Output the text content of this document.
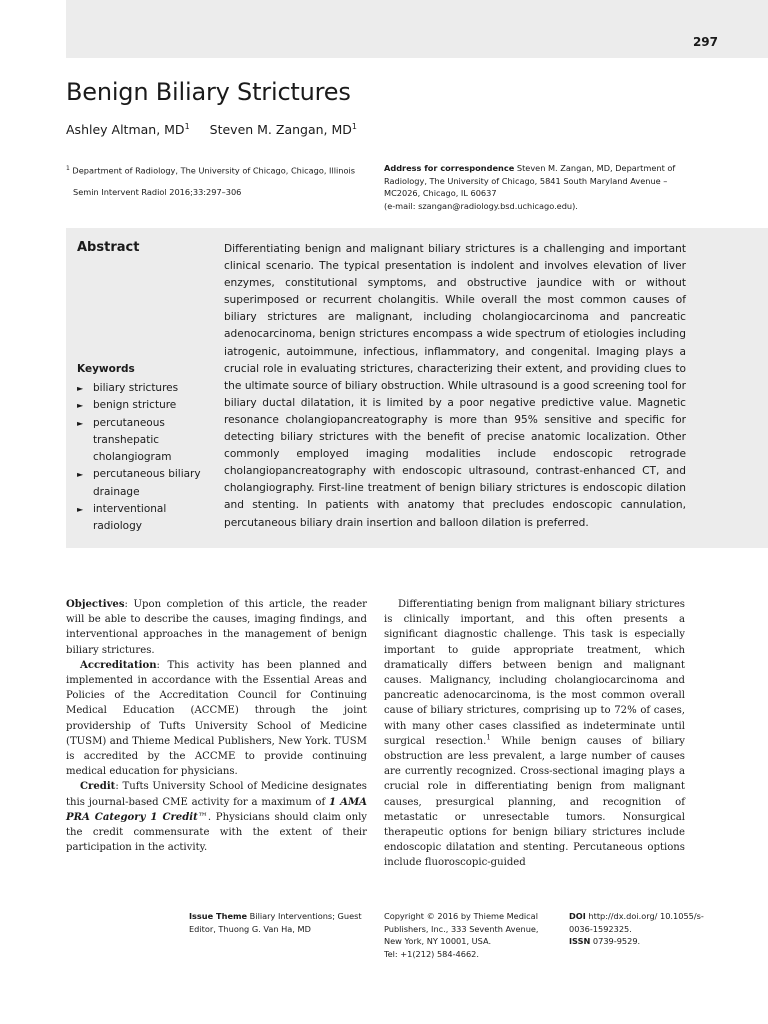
297
Benign Biliary Strictures
Ashley Altman, $MD^1$ Steven M. Zangan, $MD^1$
$^1$ Department of Radiology, The University of Chicago, Chicago, Illinois
Semin Intervent Radiol 2016;33:297–306
Address for correspondence Steven M. Zangan, MD, Department of Radiology, The University of Chicago, 5841 South Maryland Avenue – MC2026, Chicago, IL 60637
(e-mail: szangan@radiology.bsd.uchicago.edu).
Abstract	Differentiating benign and malignant biliary strictures is a challenging and important clinical scenario. The typical presentation is indolent and involves elevation of liver enzymes, constitutional symptoms, and obstructive jaundice with or without superimposed or recurrent cholangitis. While overall the most common causes of biliary strictures are malignant, including cholangiocarcinoma and pancreatic adenocarcinoma, benign strictures encompass a wide spectrum of etiologies including iatrogenic, autoimmune, infectious, inflammatory, and congenital. Imaging plays a crucial role in evaluating strictures, characterizing their extent, and providing clues to the ultimate source of biliary obstruction. While ultrasound is a good screening tool for biliary ductal dilatation, it is limited by a poor negative predictive value. Magnetic resonance cholangiopancreatography is more than 95% sensitive and specific for detecting biliary strictures with the benefit of precise anatomic localization. Other commonly employed imaging modalities include endoscopic retrograde cholangiopancreatography with endoscopic ultrasound, contrast-enhanced CT, and cholangiography. First-line treatment of benign biliary strictures is endoscopic dilation and stenting. In patients with anatomy that precludes endoscopic cannulation, percutaneous biliary drain insertion and balloon dilation is preferred.
Keywords
► biliary strictures
► benign stricture
► percutaneous transhepatic cholangiogram
► percutaneous biliary drainage
► interventional radiology

Objectives: Upon completion of this article, the reader will be able to describe the causes, imaging findings, and interventional approaches in the management of benign biliary strictures.

Accreditation: This activity has been planned and implemented in accordance with the Essential Areas and Policies of the Accreditation Council for Continuing Medical Education (ACCME) through the joint providership of Tufts University School of Medicine (TUSM) and Thieme Medical Publishers, New York. TUSM is accredited by the ACCME to provide continuing medical education for physicians.

Credit: Tufts University School of Medicine designates this journal-based CME activity for a maximum of 1 AMA PRA Category 1 Credit™. Physicians should claim only the credit commensurate with the extent of their participation in the activity.

Differentiating benign from malignant biliary strictures is clinically important, and this often presents a significant diagnostic challenge. This task is especially important to guide appropriate treatment, which dramatically differs between benign and malignant causes. Malignancy, including cholangiocarcinoma and pancreatic adenocarcinoma, is the most common overall cause of biliary strictures, comprising up to 72% of cases, with many other cases classified as indeterminate until surgical resection.$^1$ While benign causes of biliary obstruction are less prevalent, a large number of causes are currently recognized. Cross-sectional imaging plays a crucial role in differentiating benign from malignant causes, presurgical planning, and recognition of metastatic or unresectable tumors. Nonsurgical therapeutic options for benign biliary strictures include endoscopic dilatation and stenting. Percutaneous options include fluoroscopic-guided

Issue Theme Biliary Interventions; Guest Editor, Thuong G. Van Ha, MD
Copyright © 2016 by Thieme Medical Publishers, Inc., 333 Seventh Avenue, New York, NY 10001, USA.
Tel: +1(212) 584-4662.
DOI http://dx.doi.org/ 10.1055/s-0036-1592325.
ISSN 0739-9529.
